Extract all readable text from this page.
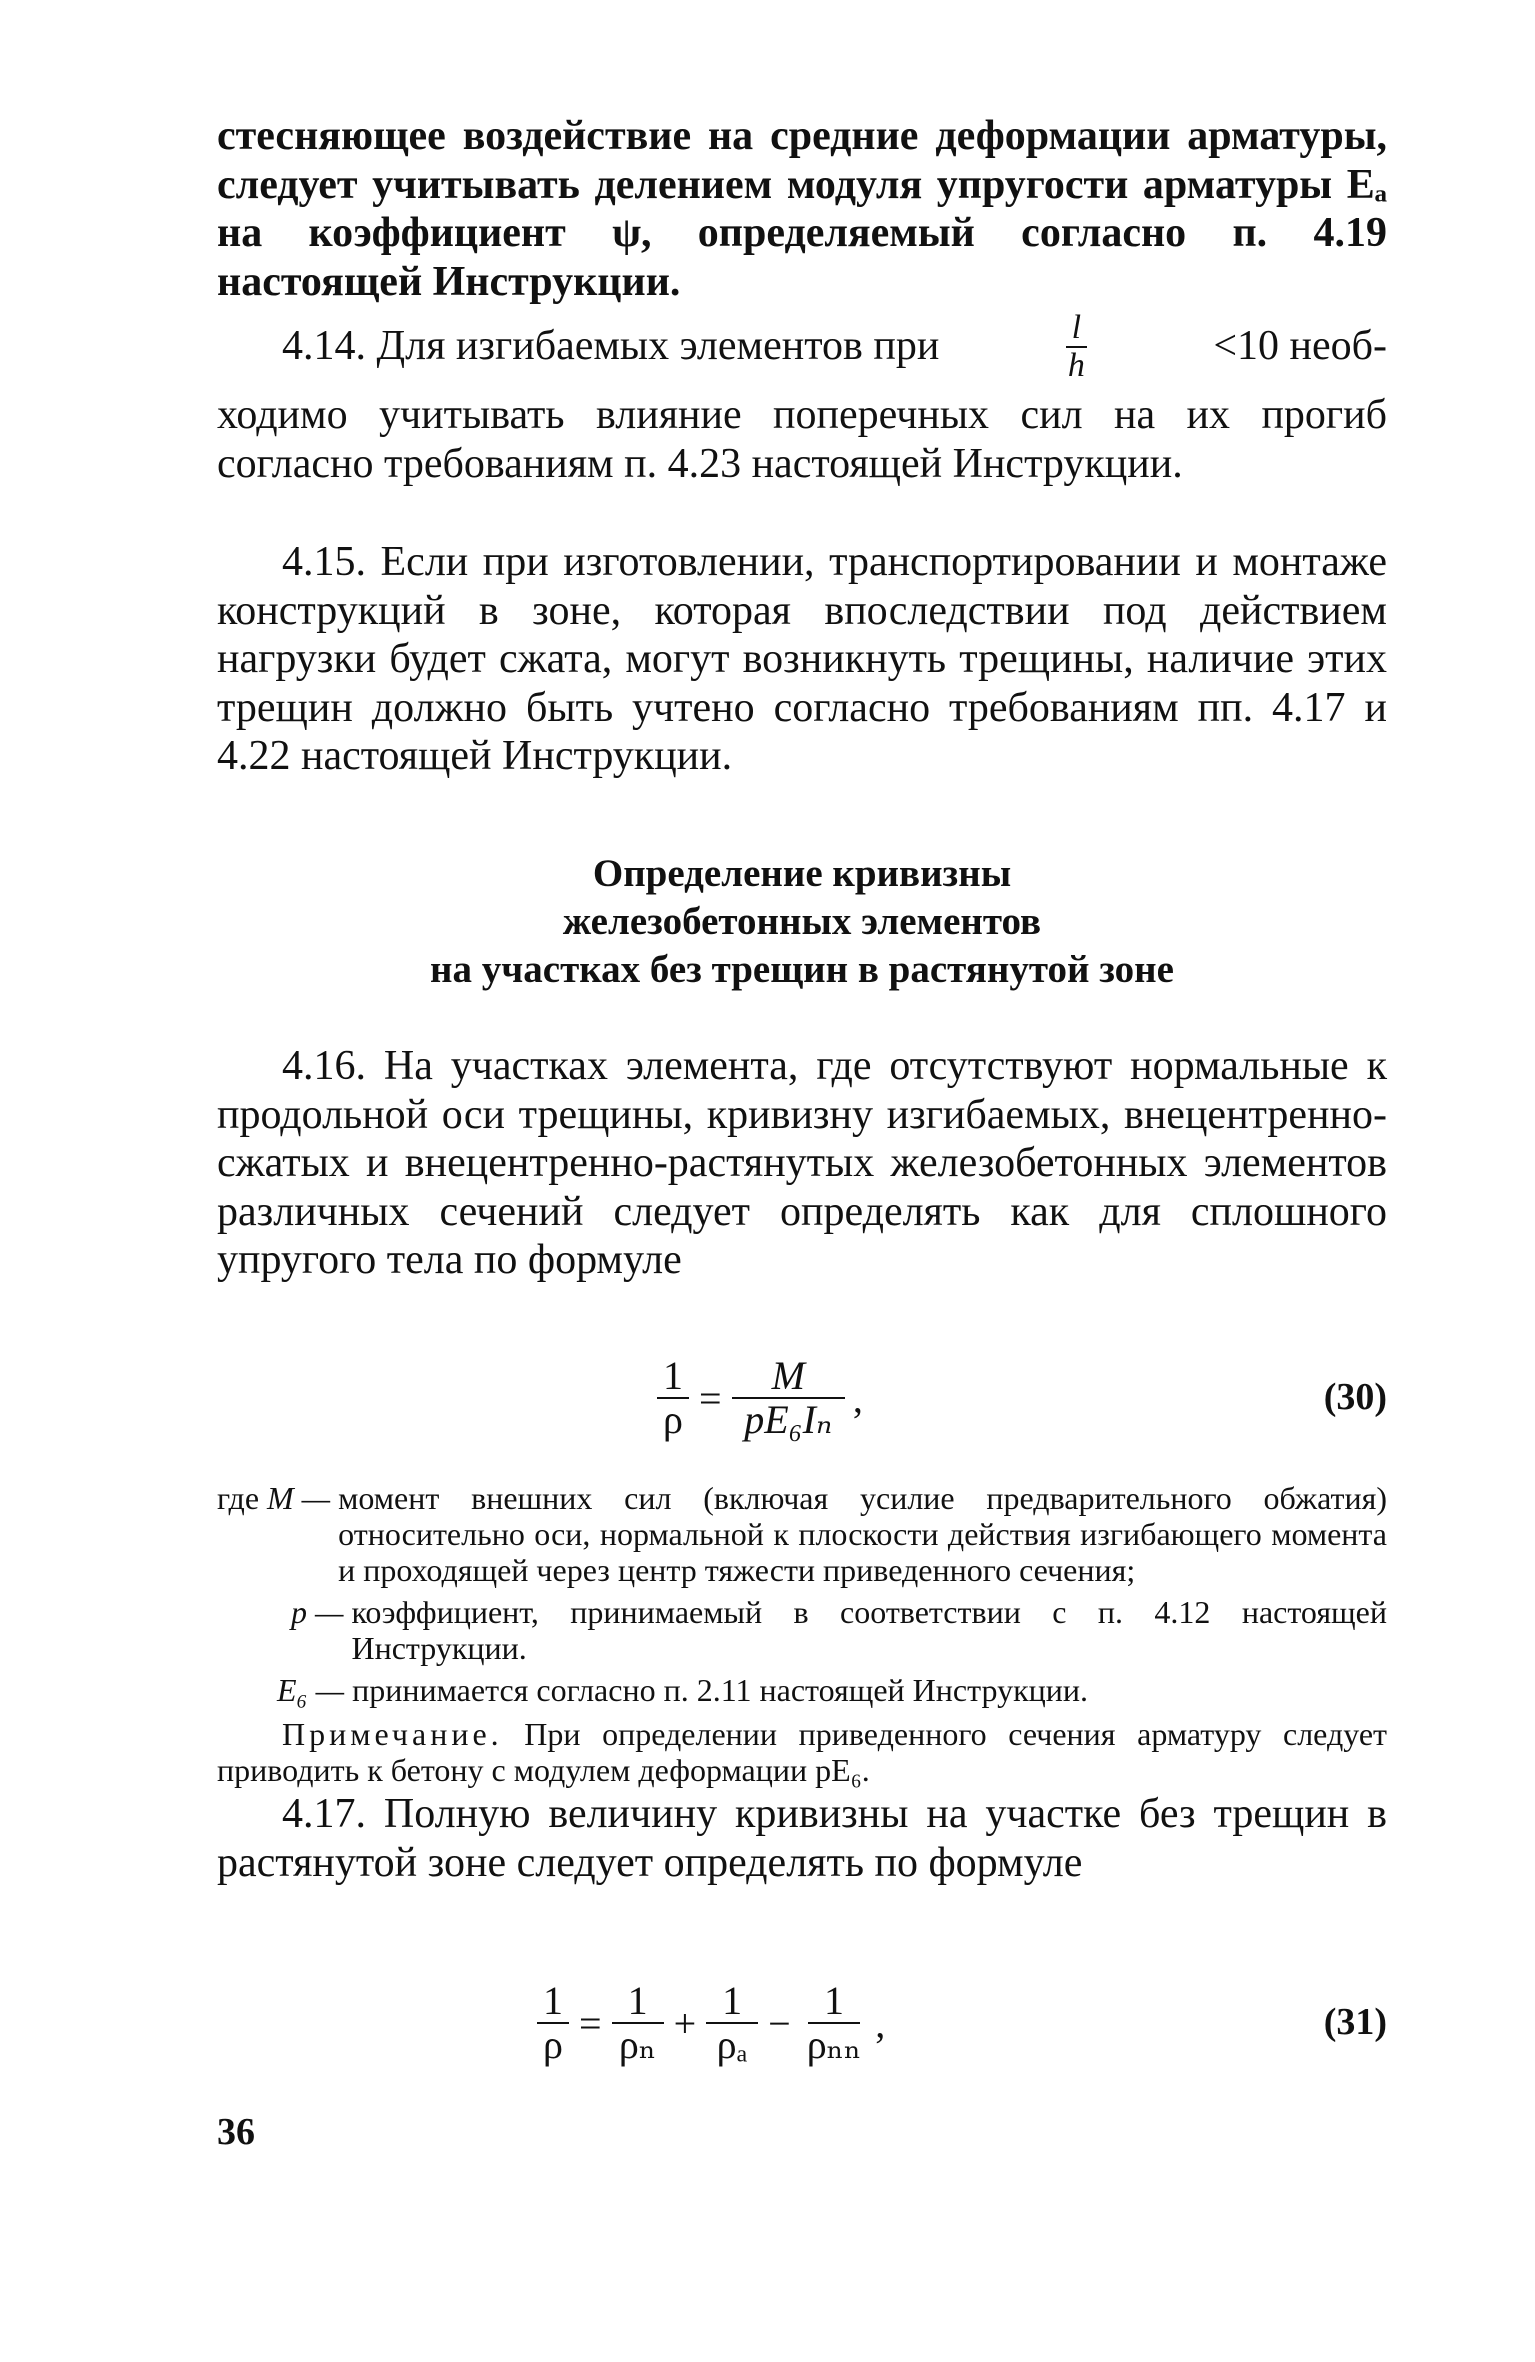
стесняющее воздействие на средние деформации арматуры, следует учитывать делением модуля упругости арматуры Eₐ на коэффициент ψ, определяемый согласно п. 4.19 настоящей Инструкции.

4.14. Для изгибаемых элементов при	$\frac{l}{h}$	<10 необ-

ходимо учитывать влияние поперечных сил на их прогиб согласно требованиям п. 4.23 настоящей Инструкции.

4.15. Если при изготовлении, транспортировании и монтаже конструкций в зоне, которая впоследствии под действием нагрузки будет сжата, могут возникнуть трещины, наличие этих трещин должно быть учтено согласно требованиям пп. 4.17 и 4.22 настоящей Инструкции.

Определение кривизны
железобетонных элементов
на участках без трещин в растянутой зоне

4.16. На участках элемента, где отсутствуют нормальные к продольной оси трещины, кривизну изгибаемых, внецентренно-сжатых и внецентренно-растянутых железобетонных элементов различных сечений следует определять как для сплошного упругого тела по формуле

$\frac{1}{\rho} = \frac{M}{\text{pE₆Iₙ}}$ ,	(30)
где M — момент внешних сил (включая усилие предварительного обжатия) относительно оси, нормальной к плоскости действия изгибающего момента и проходящей через центр тяжести приведенного сечения;
p — коэффициент, принимаемый в соответствии с п. 4.12 настоящей Инструкции.
E₆ — принимается согласно п. 2.11 настоящей Инструкции.

Примечание. При определении приведенного сечения арматуру следует приводить к бетону с модулем деформации pE₆.

4.17. Полную величину кривизны на участке без трещин в растянутой зоне следует определять по формуле

$\frac{1}{\rho} = \frac{1}{\text{ρₙ}} + \frac{1}{\text{ρₐ}} - \frac{1}{\text{ρₙₙ}}$ ,	(31)
36
